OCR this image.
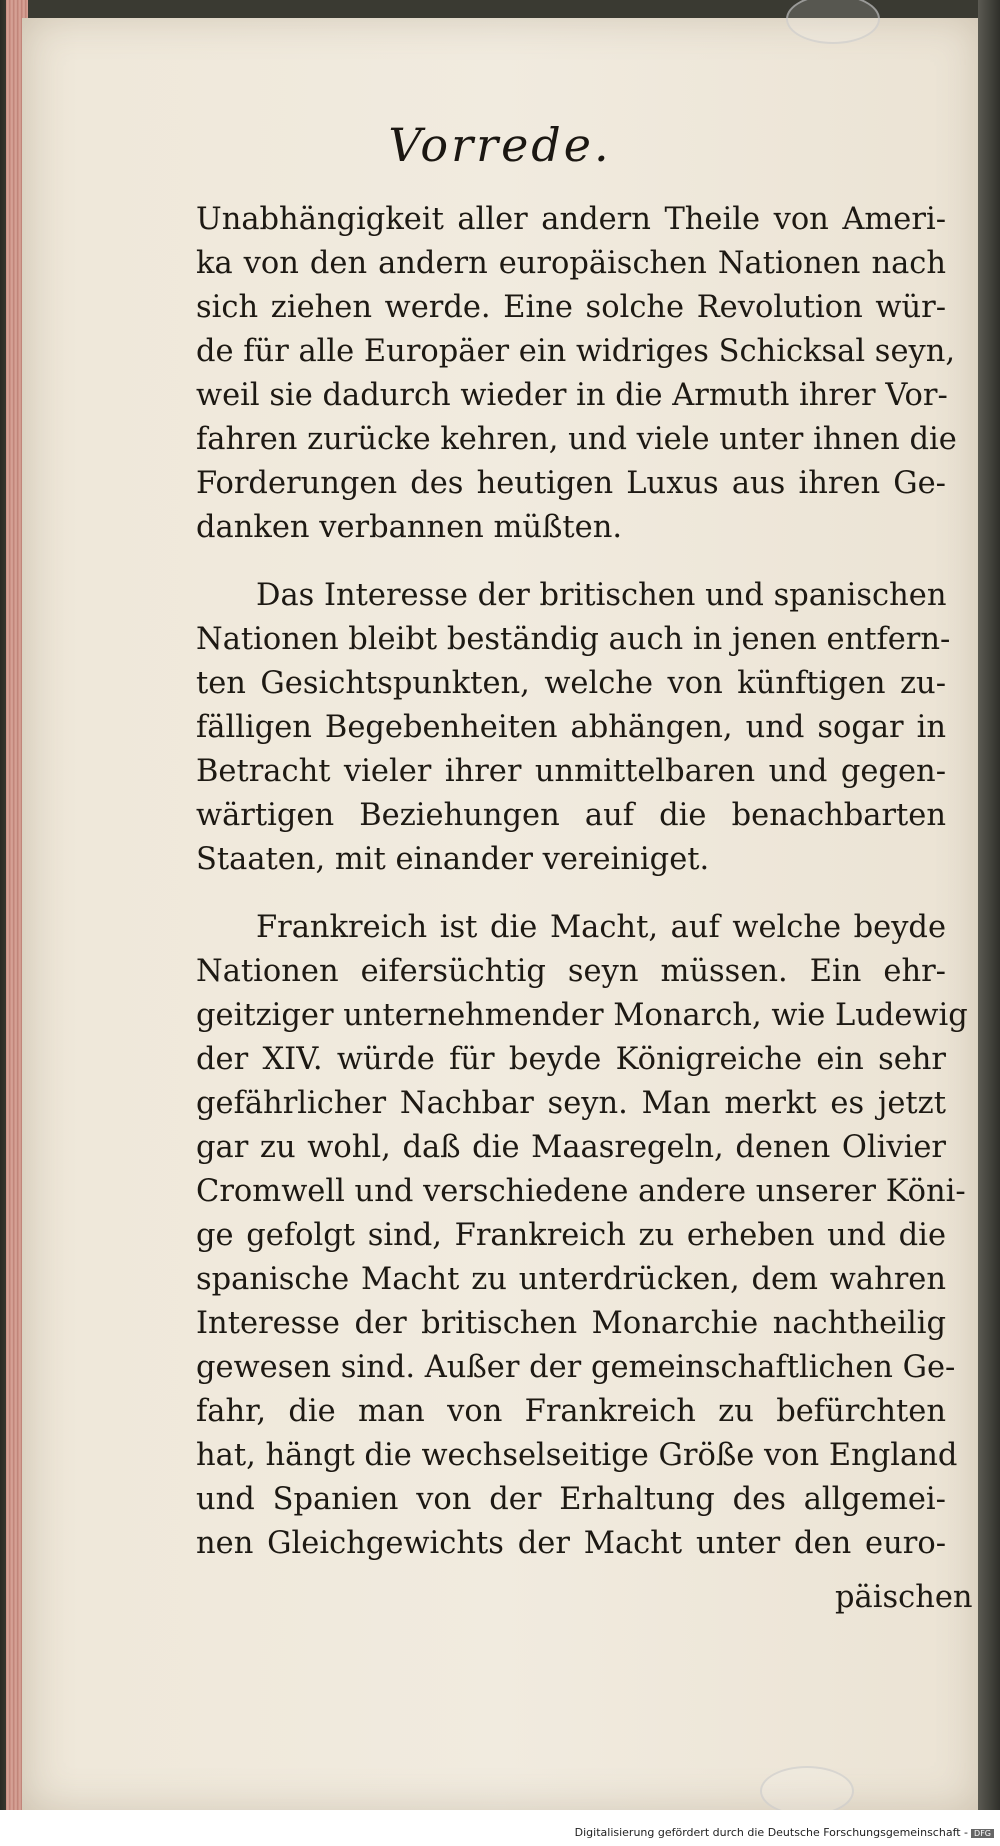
Vorrede.
Unabhängigkeit aller andern Theile von Ameri-
ka von den andern europäischen Nationen nach
sich ziehen werde. Eine solche Revolution wür-
de für alle Europäer ein widriges Schicksal seyn,
weil sie dadurch wieder in die Armuth ihrer Vor-
fahren zurücke kehren, und viele unter ihnen die
Forderungen des heutigen Luxus aus ihren Ge-
danken verbannen müßten.
Das Interesse der britischen und spanischen
Nationen bleibt beständig auch in jenen entfern-
ten Gesichtspunkten, welche von künftigen zu-
fälligen Begebenheiten abhängen, und sogar in
Betracht vieler ihrer unmittelbaren und gegen-
wärtigen Beziehungen auf die benachbarten
Staaten, mit einander vereiniget.
Frankreich ist die Macht, auf welche beyde
Nationen eifersüchtig seyn müssen. Ein ehr-
geitziger unternehmender Monarch, wie Ludewig
der XIV. würde für beyde Königreiche ein sehr
gefährlicher Nachbar seyn. Man merkt es jetzt
gar zu wohl, daß die Maasregeln, denen Olivier
Cromwell und verschiedene andere unserer Köni-
ge gefolgt sind, Frankreich zu erheben und die
spanische Macht zu unterdrücken, dem wahren
Interesse der britischen Monarchie nachtheilig
gewesen sind. Außer der gemeinschaftlichen Ge-
fahr, die man von Frankreich zu befürchten
hat, hängt die wechselseitige Größe von England
und Spanien von der Erhaltung des allgemei-
nen Gleichgewichts der Macht unter den euro-
päischen
Digitalisierung gefördert durch die Deutsche Forschungsgemeinschaft - DFG
